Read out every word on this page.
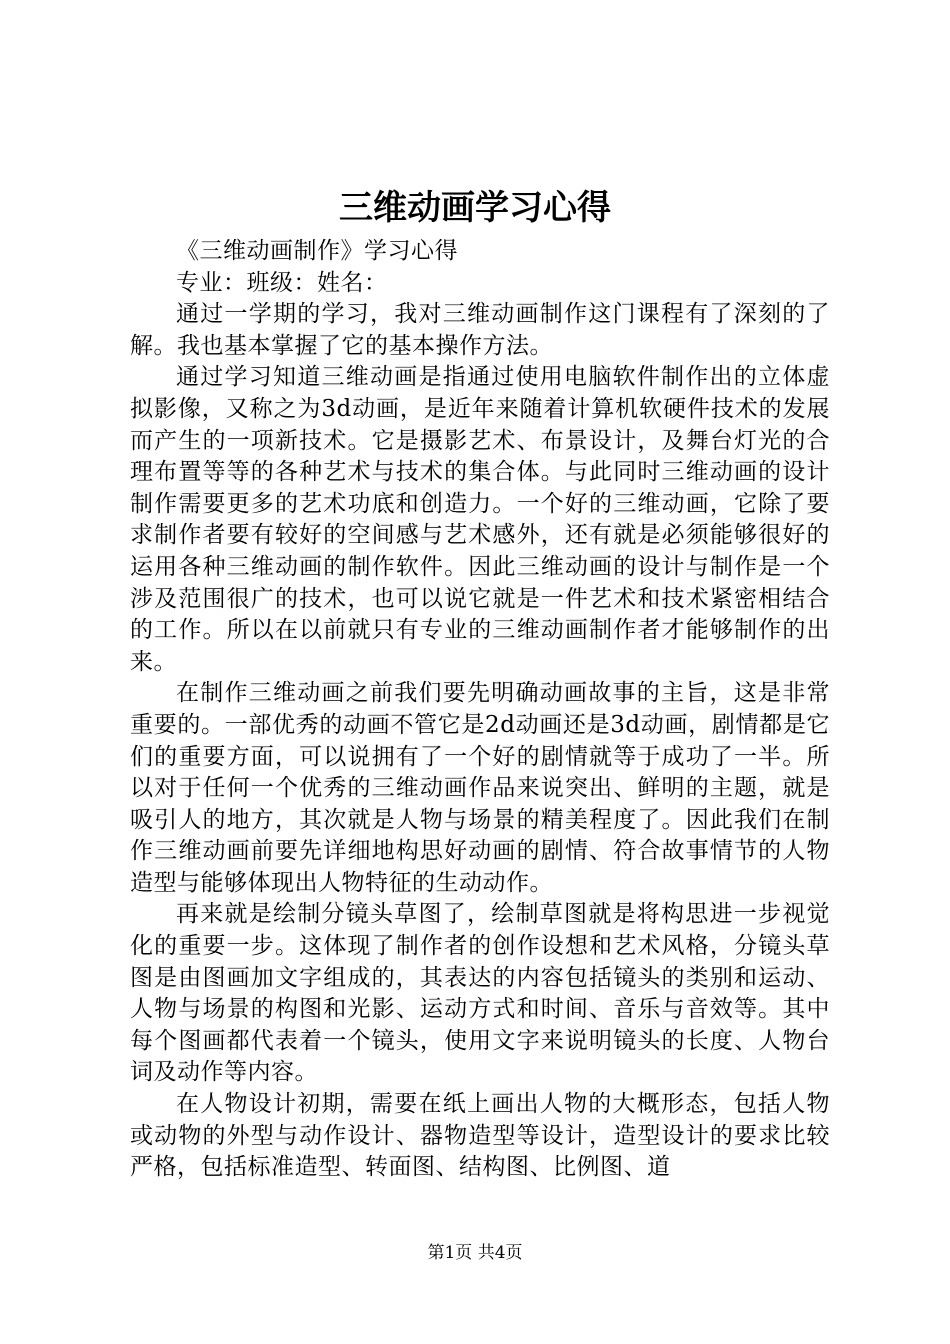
三维动画学习心得

《三维动画制作》学习心得

专业：班级：姓名：

通过一学期的学习，我对三维动画制作这门课程有了深刻的了解。我也基本掌握了它的基本操作方法。

通过学习知道三维动画是指通过使用电脑软件制作出的立体虚拟影像，又称之为3d动画，是近年来随着计算机软硬件技术的发展而产生的一项新技术。它是摄影艺术、布景设计，及舞台灯光的合理布置等等的各种艺术与技术的集合体。与此同时三维动画的设计制作需要更多的艺术功底和创造力。一个好的三维动画，它除了要求制作者要有较好的空间感与艺术感外，还有就是必须能够很好的运用各种三维动画的制作软件。因此三维动画的设计与制作是一个涉及范围很广的技术，也可以说它就是一件艺术和技术紧密相结合的工作。所以在以前就只有专业的三维动画制作者才能够制作的出来。

在制作三维动画之前我们要先明确动画故事的主旨，这是非常重要的。一部优秀的动画不管它是2d动画还是3d动画，剧情都是它们的重要方面，可以说拥有了一个好的剧情就等于成功了一半。所以对于任何一个优秀的三维动画作品来说突出、鲜明的主题，就是吸引人的地方，其次就是人物与场景的精美程度了。因此我们在制作三维动画前要先详细地构思好动画的剧情、符合故事情节的人物造型与能够体现出人物特征的生动动作。

再来就是绘制分镜头草图了，绘制草图就是将构思进一步视觉化的重要一步。这体现了制作者的创作设想和艺术风格，分镜头草图是由图画加文字组成的，其表达的内容包括镜头的类别和运动、人物与场景的构图和光影、运动方式和时间、音乐与音效等。其中每个图画都代表着一个镜头，使用文字来说明镜头的长度、人物台词及动作等内容。

在人物设计初期，需要在纸上画出人物的大概形态，包括人物或动物的外型与动作设计、器物造型等设计，造型设计的要求比较严格，包括标准造型、转面图、结构图、比例图、道

第1页 共4页
